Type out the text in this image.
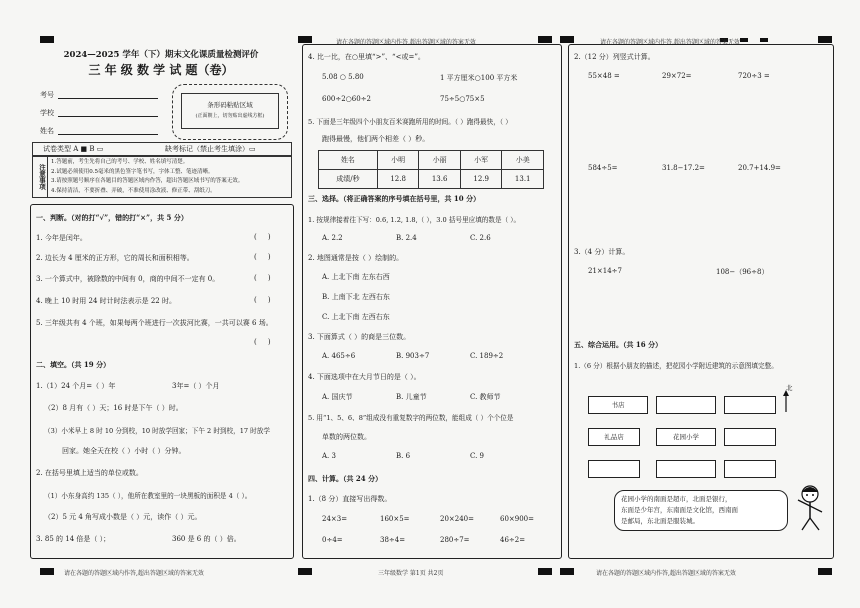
请在各题的答题区域内作答,超出答题区域的答案无效	请在各题的答题区域内作答,超出答题区域的答案无效
请在各题的答题区域内作答,超出答题区域的答案无效	三年级数学 第1页 共2页	请在各题的答题区域内作答,超出答题区域的答案无效
2024—2025 学年（下）期末文化课质量检测评价
三 年 级 数 学 试 题（卷）
考号
学校
姓名
条形码粘贴区域
(正面朝上，切勿贴出虚线方框)
试卷类型 A ■ B ▭	缺考标记（禁止考生填涂）▭
注意事项
1.答题前，考生先将自己的考号、学校、姓名填写清楚。
2.试题必须使用0.5毫米的黑色签字笔书写，字体工整、笔迹清晰。
3.请按照题号顺序在各题目的答题区域内作答，超出答题区域书写的答案无效。
4.保持清洁，不要折叠、弄破，不准使用涂改液、修正带、刮纸刀。
一、判断。（对的打“√”，错的打“×”，共 5 分）
1. 今年是闰年。	(     )
2. 边长为 4 厘米的正方形，它的周长和面积相等。	(     )
3. 一个算式中，被除数的中间有 0，商的中间不一定有 0。	(     )
4. 晚上 10 时用 24 时计时法表示是 22 时。	(     )
5. 三年级共有 4 个班，如果每两个班进行一次拔河比赛，一共可以赛 6 场。
(     )
二、填空。（共 19 分）
1.（1）24 个月=（ ）年	3年=（ ）个月
（2）8 月有（ ）天；16 时是下午（ ）时。
（3）小米早上 8 时 10 分到校，10 时放学回家；下午 2 时到校，17 时放学
回家。她全天在校（ ）小时（ ）分钟。
2. 在括号里填上适当的单位或数。
（1）小东身高约 135（ ），他所在教室里的一块黑板的面积是 4（ ）。
（2）5 元 4 角写成小数是（ ）元，读作（ ）元。
3. 85 的 14 倍是（ ）；	360 是 6 的（ ）倍。
4. 比一比，在○里填“>”、“<或=”。
5.08 ○ 5.80	1 平方厘米○100 平方米
600÷2○60÷2	75÷5○75×5
5. 下面是三年级四个小朋友百米赛跑所用的时间。（ ）跑得最快，（ ）
跑得最慢，他们两个相差（ ）秒。
姓名	小明	小丽	小军	小美
成绩/秒	12.8	13.6	12.9	13.1
三、选择。（将正确答案的序号填在括号里，共 10 分）
1. 按规律接着往下写：0.6, 1.2, 1.8,（ ），3.0 括号里应填的数是（ ）。
A. 2.2	B. 2.4	C. 2.6
2. 地图通常是按（ ）绘制的。
A. 上北下南 左东右西
B. 上南下北 左西右东
C. 上北下南 左西右东
3. 下面算式（ ）的商是三位数。
A. 465÷6	B. 903÷7	C. 189÷2
4. 下面选项中在大月节日的是（ ）。
A. 国庆节	B. 儿童节	C. 教师节
5. 用“1、5、6、8”组成没有重复数字的两位数，能组成（ ）个个位是
单数的两位数。
A. 3	B. 6	C. 9
四、计算。（共 24 分）
1.（8 分）直接写出得数。
24×3=	160×5=	20×240=	60×900=
0÷4=	38÷4=	280÷7=	46÷2=
2.（12 分）列竖式计算。
55×48 =	29×72=	720÷3 =
584÷5=	31.8−17.2=	20.7+14.9=
3.（4 分）计算。
21×14÷7	108−（96÷8）
五、综合运用。（共 16 分）
1.（6 分）根据小朋友的描述，把花园小学附近建筑的示意图填完整。
北
书店
礼品店	花园小学
花园小学的南面是超市，北面是银行，
东面是少年宫，东南面是文化馆，西南面
是邮局，东北面是服装城。
